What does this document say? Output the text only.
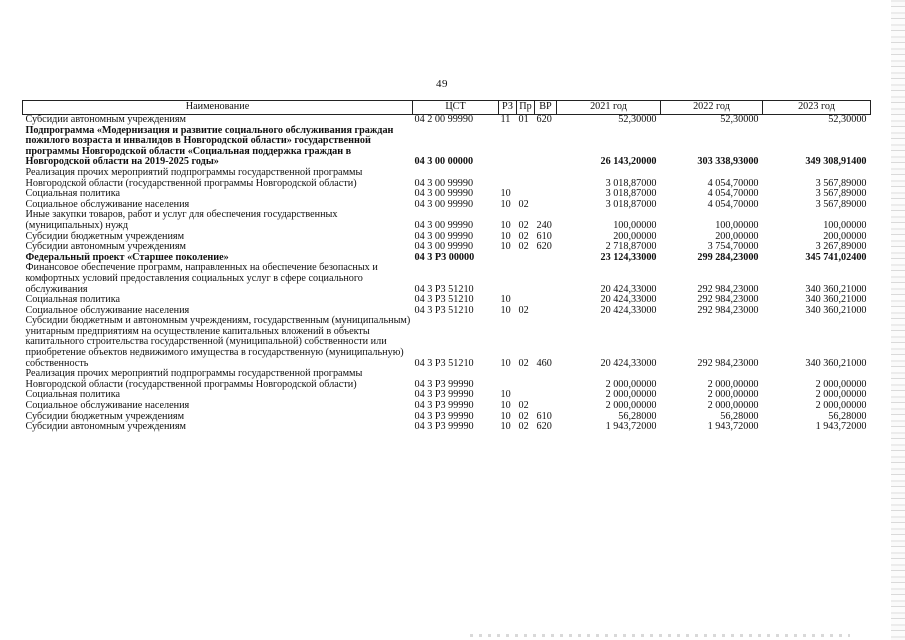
49
Наименование	ЦСТ	РЗ	Пр	ВР	2021 год	2022 год	2023 год
Субсидии автономным учреждениям	04 2 00 99990	11	01	620	52,30000	52,30000	52,30000
Подпрограмма «Модернизация и развитие социального обслуживания граждан пожилого возраста и инвалидов в Новгородской области» государственной программы Новгородской области «Социальная поддержка граждан в Новгородской области на 2019-2025 годы»	04 3 00 00000				26 143,20000	303 338,93000	349 308,91400
Реализация прочих мероприятий подпрограммы государственной программы Новгородской области (государственной программы Новгородской области)	04 3 00 99990				3 018,87000	4 054,70000	3 567,89000
Социальная политика	04 3 00 99990	10			3 018,87000	4 054,70000	3 567,89000
Социальное обслуживание населения	04 3 00 99990	10	02		3 018,87000	4 054,70000	3 567,89000
Иные закупки товаров, работ и услуг для обеспечения государственных (муниципальных) нужд	04 3 00 99990	10	02	240	100,00000	100,00000	100,00000
Субсидии бюджетным учреждениям	04 3 00 99990	10	02	610	200,00000	200,00000	200,00000
Субсидии автономным учреждениям	04 3 00 99990	10	02	620	2 718,87000	3 754,70000	3 267,89000
Федеральный проект «Старшее поколение»	04 3 P3 00000				23 124,33000	299 284,23000	345 741,02400
Финансовое обеспечение программ, направленных на обеспечение безопасных и комфортных условий предоставления социальных услуг в сфере социального обслуживания	04 3 P3 51210				20 424,33000	292 984,23000	340 360,21000
Социальная политика	04 3 P3 51210	10			20 424,33000	292 984,23000	340 360,21000
Социальное обслуживание населения	04 3 P3 51210	10	02		20 424,33000	292 984,23000	340 360,21000
Субсидии бюджетным и автономным учреждениям, государственным (муниципальным) унитарным предприятиям на осуществление капитальных вложений в объекты капитального строительства государственной (муниципальной) собственности или приобретение объектов недвижимого имущества в государственную (муниципальную) собственность	04 3 P3 51210	10	02	460	20 424,33000	292 984,23000	340 360,21000
Реализация прочих мероприятий подпрограммы государственной программы Новгородской области (государственной программы Новгородской области)	04 3 P3 99990				2 000,00000	2 000,00000	2 000,00000
Социальная политика	04 3 P3 99990	10			2 000,00000	2 000,00000	2 000,00000
Социальное обслуживание населения	04 3 P3 99990	10	02		2 000,00000	2 000,00000	2 000,00000
Субсидии бюджетным учреждениям	04 3 P3 99990	10	02	610	56,28000	56,28000	56,28000
Субсидии автономным учреждениям	04 3 P3 99990	10	02	620	1 943,72000	1 943,72000	1 943,72000
